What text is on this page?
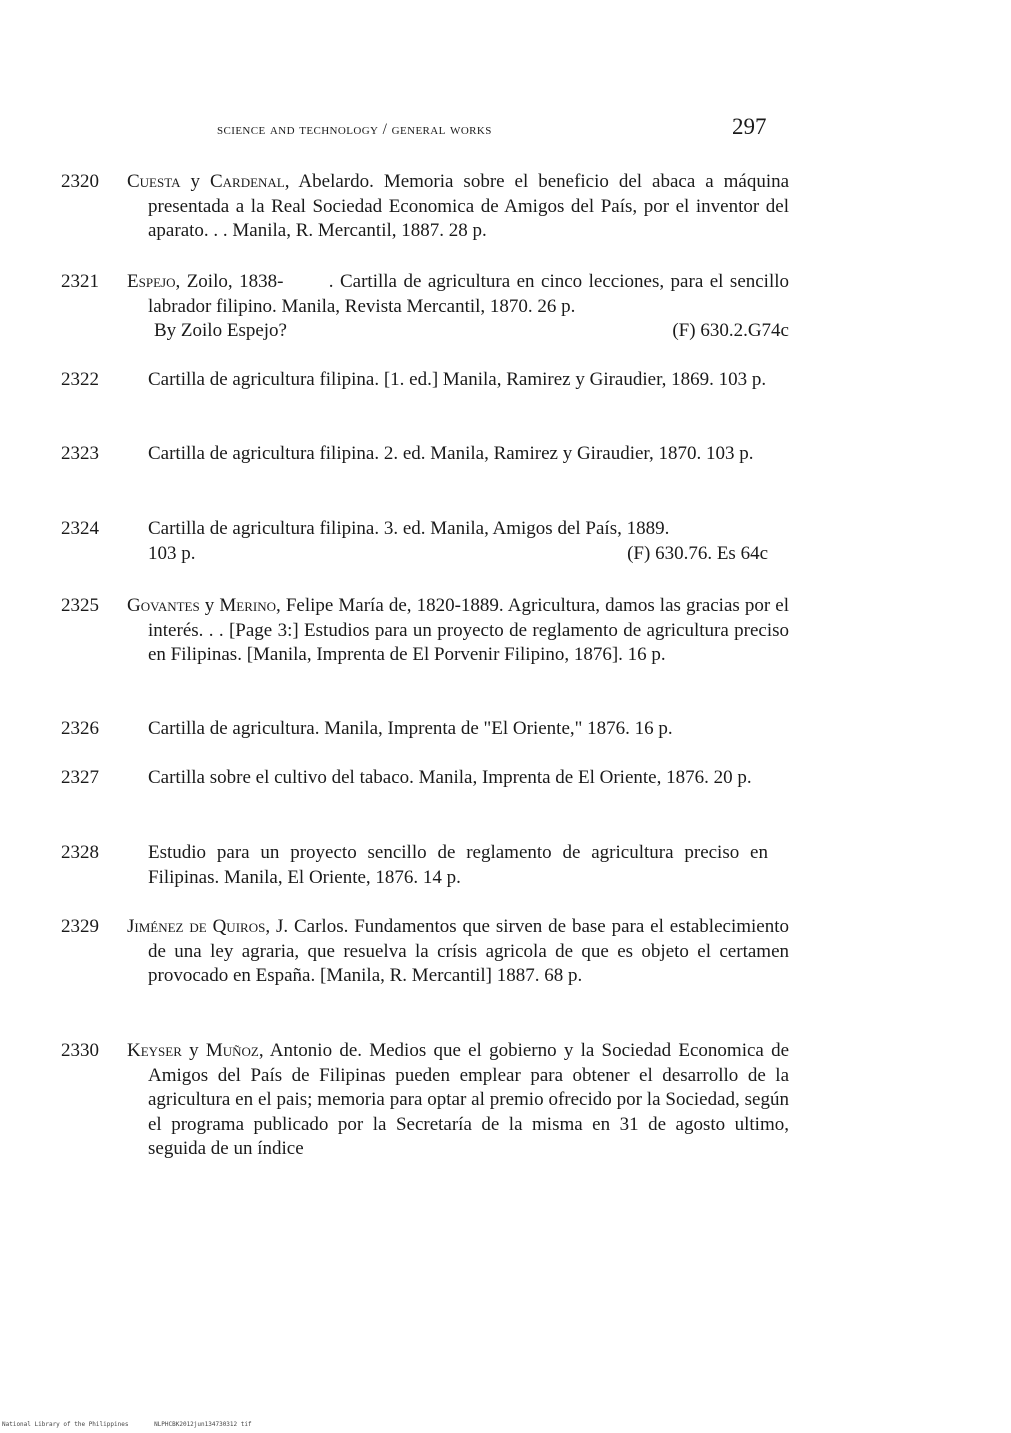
science and technology / general works	297
2320 Cuesta y Cardenal, Abelardo. Memoria sobre el beneficio del abaca a máquina presentada a la Real Sociedad Economica de Amigos del País, por el inventor del aparato. . . Manila, R. Mercantil, 1887. 28 p.
2321 Espejo, Zoilo, 1838- . Cartilla de agricultura en cinco lecciones, para el sencillo labrador filipino. Manila, Revista Mercantil, 1870. 26 p.
By Zoilo Espejo?	(F) 630.2.G74c
2322	Cartilla de agricultura filipina. [1. ed.] Manila, Ramirez y Giraudier, 1869. 103 p.
2323	Cartilla de agricultura filipina. 2. ed. Manila, Ramirez y Giraudier, 1870. 103 p.
2324	Cartilla de agricultura filipina. 3. ed. Manila, Amigos del País, 1889.
103 p.	(F) 630.76. Es 64c
2325 Govantes y Merino, Felipe María de, 1820-1889. Agricultura, damos las gracias por el interés. . . [Page 3:] Estudios para un proyecto de reglamento de agricultura preciso en Filipinas. [Manila, Imprenta de El Porvenir Filipino, 1876]. 16 p.
2326	Cartilla de agricultura. Manila, Imprenta de "El Oriente," 1876. 16 p.
2327	Cartilla sobre el cultivo del tabaco. Manila, Imprenta de El Oriente, 1876. 20 p.
2328	Estudio para un proyecto sencillo de reglamento de agricultura preciso en Filipinas. Manila, El Oriente, 1876. 14 p.
2329 Jiménez de Quiros, J. Carlos. Fundamentos que sirven de base para el establecimiento de una ley agraria, que resuelva la crísis agricola de que es objeto el certamen provocado en España. [Manila, R. Mercantil] 1887. 68 p.
2330 Keyser y Muñoz, Antonio de. Medios que el gobierno y la Sociedad Economica de Amigos del País de Filipinas pueden emplear para obtener el desarrollo de la agricultura en el pais; memoria para optar al premio ofrecido por la Sociedad, según el programa publicado por la Secretaría de la misma en 31 de agosto ultimo, seguida de un índice
National Library of the Philippines	NLPHCBK2012jun134730312 tif
